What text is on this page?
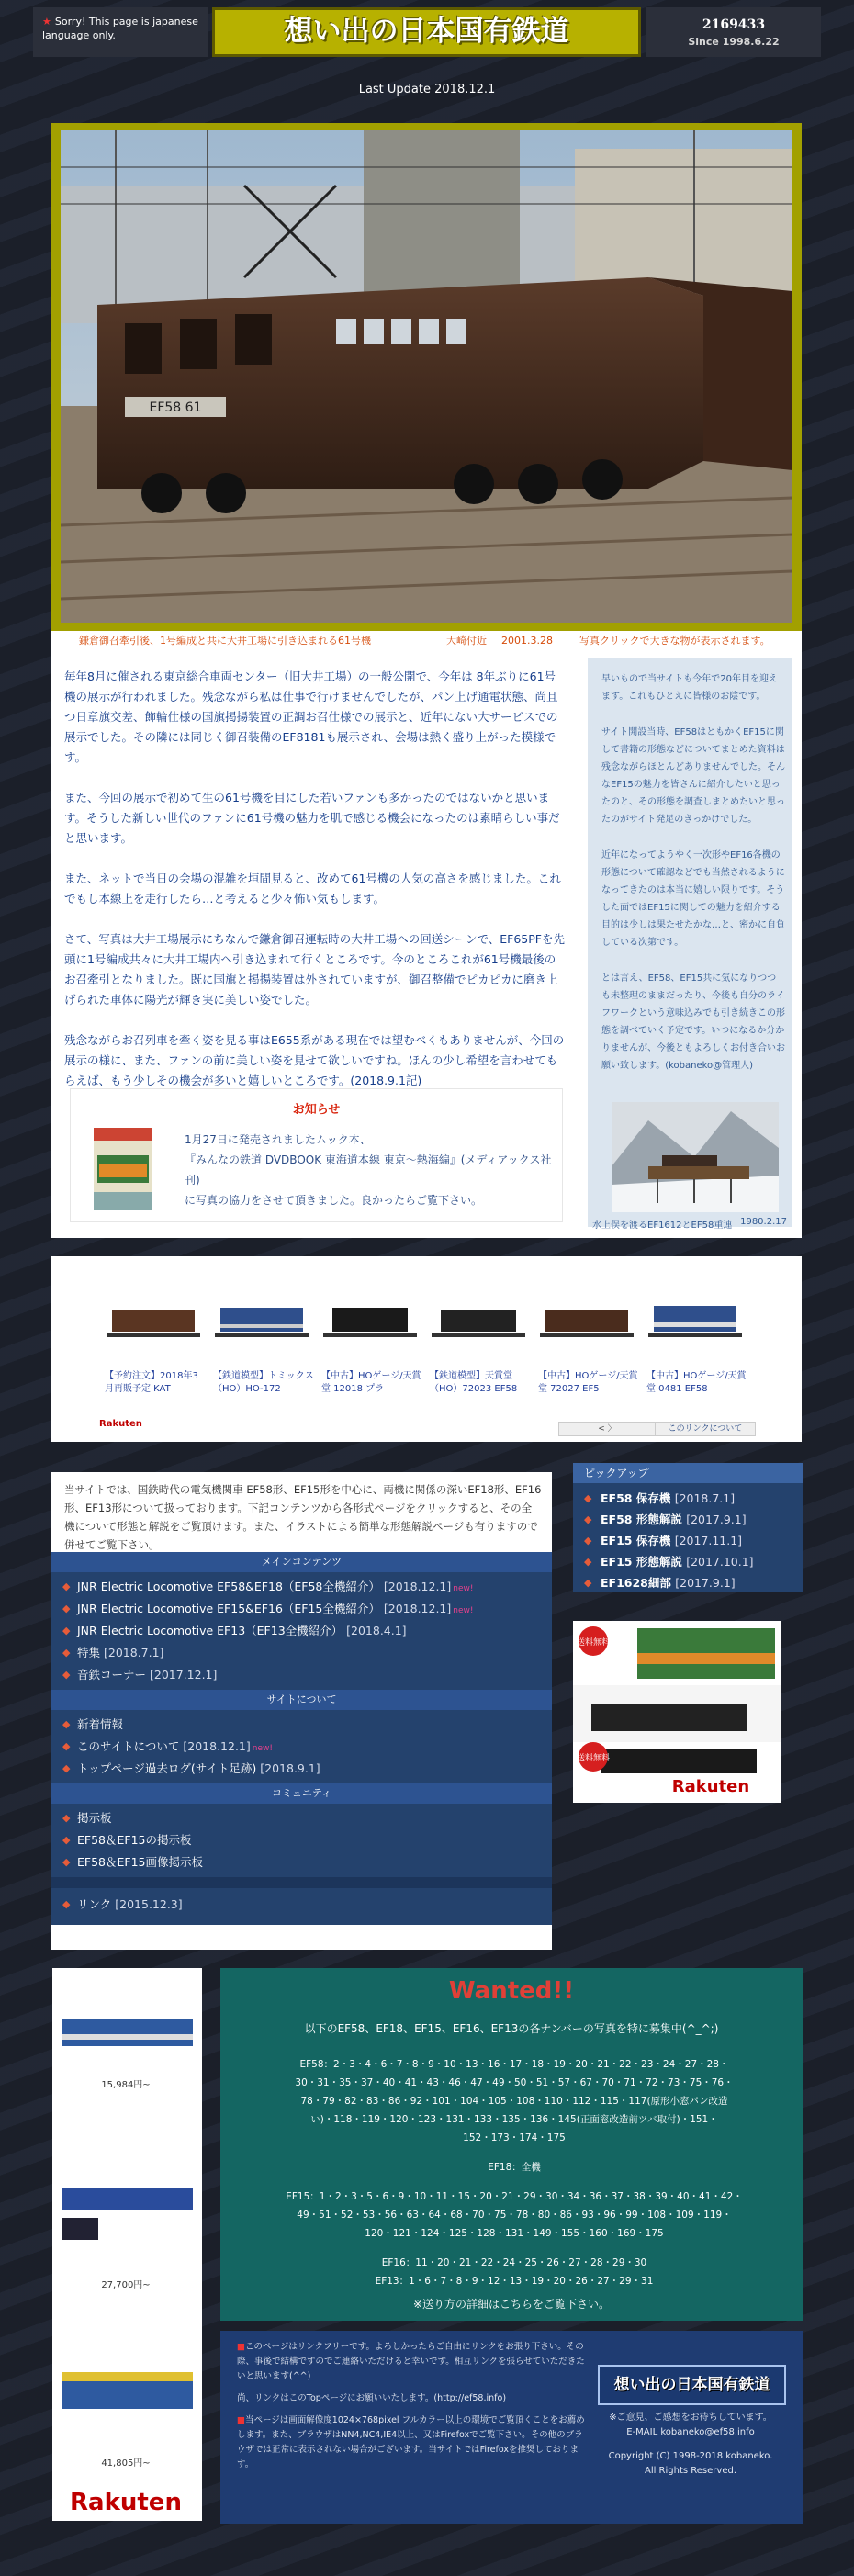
★ Sorry! This page is japanese language only.	想い出の日本国有鉄道	2169433
Since 1998.6.22
Last Update 2018.12.1
EF58 61
鎌倉御召牽引後、1号編成と共に大井工場に引き込まれる61号機	大崎付近 2001.3.28	写真クリックで大きな物が表示されます。

毎年8月に催される東京総合車両センター（旧大井工場）の一般公開で、今年は 8年ぶりに61号機の展示が行われました。残念ながら私は仕事で行けませんでしたが、パン上げ通電状態、尚且つ日章旗交差、飾輪仕様の国旗掲揚装置の正調お召仕様での展示と、近年にない大サービスでの展示でした。その隣には同じく御召装備のEF8181も展示され、会場は熱く盛り上がった模様です。

また、今回の展示で初めて生の61号機を目にした若いファンも多かったのではないかと思います。そうした新しい世代のファンに61号機の魅力を肌で感じる機会になったのは素晴らしい事だと思います。

また、ネットで当日の会場の混雑を垣間見ると、改めて61号機の人気の高さを感じました。これでもし本線上を走行したら…と考えると少々怖い気もします。

さて、写真は大井工場展示にちなんで鎌倉御召運転時の大井工場への回送シーンで、EF65PFを先頭に1号編成共々に大井工場内へ引き込まれて行くところです。今のところこれが61号機最後のお召牽引となりました。既に国旗と掲揚装置は外されていますが、御召整備でピカピカに磨き上げられた車体に陽光が輝き実に美しい姿でした。

残念ながらお召列車を牽く姿を見る事はE655系がある現在では望むべくもありませんが、今回の展示の様に、また、ファンの前に美しい姿を見せて欲しいですね。ほんの少し希望を言わせてもらえば、もう少しその機会が多いと嬉しいところです。(2018.9.1記)

早いもので当サイトも今年で20年目を迎えます。これもひとえに皆様のお陰です。

サイト開設当時、EF58はともかくEF15に関して書籍の形態などについてまとめた資料は残念ながらほとんどありませんでした。そんなEF15の魅力を皆さんに紹介したいと思ったのと、その形態を調査しまとめたいと思ったのがサイト発足のきっかけでした。

近年になってようやく一次形やEF16各機の形態について確認などでも当然されるようになってきたのは本当に嬉しい限りです。そうした面ではEF15に関しての魅力を紹介する目的は少しは果たせたかな…と、密かに自負している次第です。

とは言え、EF58、EF15共に気になりつつも未整理のままだったり、今後も自分のライフワークという意味込みでも引き続きこの形態を調べていく予定です。いつになるか分かりませんが、今後ともよろしくお付き合いお願い致します。(kobaneko@管理人)

水上俣を渡るEF1612とEF58重連 1980.2.17
お知らせ
1月27日に発売されましたムック本、
『みんなの鉄道 DVDBOOK 東海道本線 東京～熱海編』(メディアックス社刊)
に写真の協力をさせて頂きました。良かったらご覧下さい。
【予約注文】2018年3月再販予定 KAT
【鉄道模型】トミックス（HO）HO-172
【中古】HOゲージ/天賞堂 12018 プラ
【鉄道模型】天賞堂（HO）72023 EF58
【中古】HOゲージ/天賞堂 72027 EF5
【中古】HOゲージ/天賞堂 0481 EF58
Rakuten	< 〉	このリンクについて
当サイトでは、国鉄時代の電気機関車 EF58形、EF15形を中心に、両機に関係の深いEF18形、EF16形、EF13形について扱っております。下記コンテンツから各形式ページをクリックすると、その全機について形態と解説をご覧頂けます。また、イラストによる簡単な形態解説ページも有りますので併せてご覧下さい。
メインコンテンツ
◆ JNR Electric Locomotive EF58&EF18（EF58全機紹介） [2018.12.1] new!
◆ JNR Electric Locomotive EF15&EF16（EF15全機紹介） [2018.12.1] new!
◆ JNR Electric Locomotive EF13（EF13全機紹介） [2018.4.1]
◆ 特集 [2018.7.1]
◆ 音鉄コーナー [2017.12.1]
サイトについて
◆ 新着情報
◆ このサイトについて [2018.12.1] new!
◆ トップページ過去ログ(サイト足跡) [2018.9.1]
コミュニティ
◆ 掲示板
◆ EF58＆EF15の掲示板
◆ EF58＆EF15画像掲示板
◆ リンク [2015.12.3]
ピックアップ
◆ EF58 保存機 [2018.7.1]
◆ EF58 形態解説 [2017.9.1]
◆ EF15 保存機 [2017.11.1]
◆ EF15 形態解説 [2017.10.1]
◆ EF1628細部 [2017.9.1]
送料無料
送料無料
Rakuten
15,984円~
27,700円~
41,805円~
Rakuten
Wanted!!
以下のEF58、EF18、EF15、EF16、EF13の各ナンバーの写真を特に募集中(^_^;)
EF58：2・3・4・6・7・8・9・10・13・16・17・18・19・20・21・22・23・24・27・28・
30・31・35・37・40・41・43・46・47・49・50・51・57・67・70・71・72・73・75・76・
78・79・82・83・86・92・101・104・105・108・110・112・115・117(原形小窓パン改造
い)・118・119・120・123・131・133・135・136・145(正面窓改造前ツバ取付)・151・
152・173・174・175
EF18：全機
EF15：1・2・3・5・6・9・10・11・15・20・21・29・30・34・36・37・38・39・40・41・42・
49・51・52・53・56・63・64・68・70・75・78・80・86・93・96・99・108・109・119・
120・121・124・125・128・131・149・155・160・169・175
EF16：11・20・21・22・24・25・26・27・28・29・30
EF13：1・6・7・8・9・12・13・19・20・26・27・29・31
※送り方の詳細はこちらをご覧下さい。

■このページはリンクフリーです。よろしかったらご自由にリンクをお張り下さい。その際、事後で結構ですのでご連絡いただけると幸いです。相互リンクを張らせていただきたいと思います(^^)

尚、リンクはこのTopページにお願いいたします。(http://ef58.info)

■当ページは画面解像度1024×768pixel フルカラー以上の環境でご覧頂くことをお薦めします。また、ブラウザはNN4,NC4,IE4以上、又はFirefoxでご覧下さい。その他のブラウザでは正常に表示されない場合がございます。当サイトではFirefoxを推奨しております。

想い出の日本国有鉄道
※ご意見、ご感想をお待ちしています。
E-MAIL kobaneko@ef58.info
Copyright (C) 1998-2018 kobaneko.
All Rights Reserved.
